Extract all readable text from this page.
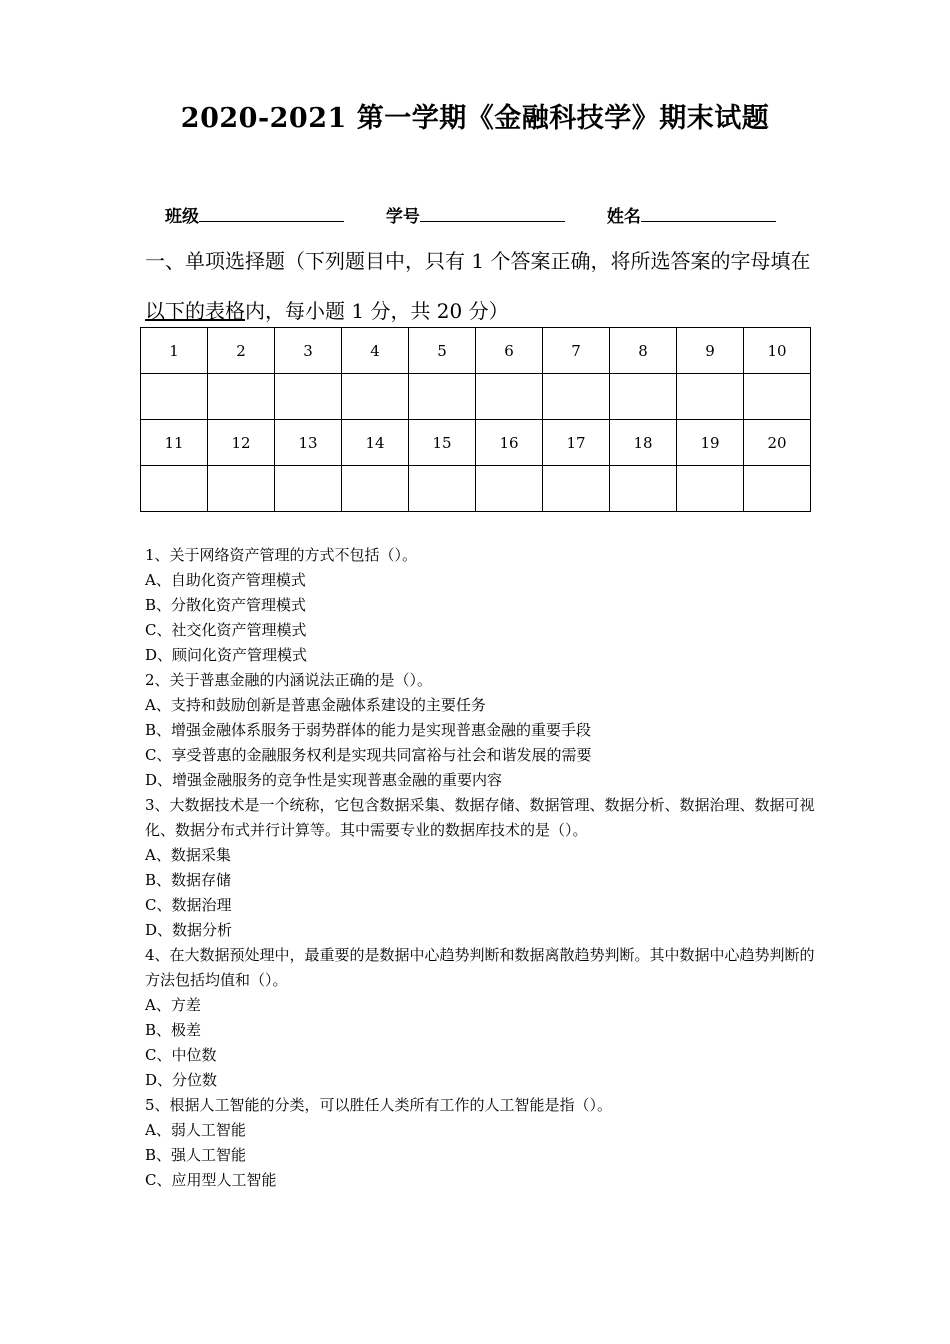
2020-2021 第一学期《金融科技学》期末试题
班级	学号	姓名
一、单项选择题（下列题目中，只有 1 个答案正确，将所选答案的字母填在以下的表格内，每小题 1 分，共 20 分）
1	2	3	4	5	6	7	8	9	10

11	12	13	14	15	16	17	18	19	20

1、关于网络资产管理的方式不包括（）。
A、自助化资产管理模式
B、分散化资产管理模式
C、社交化资产管理模式
D、顾问化资产管理模式
2、关于普惠金融的内涵说法正确的是（）。
A、支持和鼓励创新是普惠金融体系建设的主要任务
B、增强金融体系服务于弱势群体的能力是实现普惠金融的重要手段
C、享受普惠的金融服务权利是实现共同富裕与社会和谐发展的需要
D、增强金融服务的竞争性是实现普惠金融的重要内容
3、大数据技术是一个统称，它包含数据采集、数据存储、数据管理、数据分析、数据治理、数据可视化、数据分布式并行计算等。其中需要专业的数据库技术的是（）。
A、数据采集
B、数据存储
C、数据治理
D、数据分析
4、在大数据预处理中，最重要的是数据中心趋势判断和数据离散趋势判断。其中数据中心趋势判断的方法包括均值和（）。
A、方差
B、极差
C、中位数
D、分位数
5、根据人工智能的分类，可以胜任人类所有工作的人工智能是指（）。
A、弱人工智能
B、强人工智能
C、应用型人工智能
